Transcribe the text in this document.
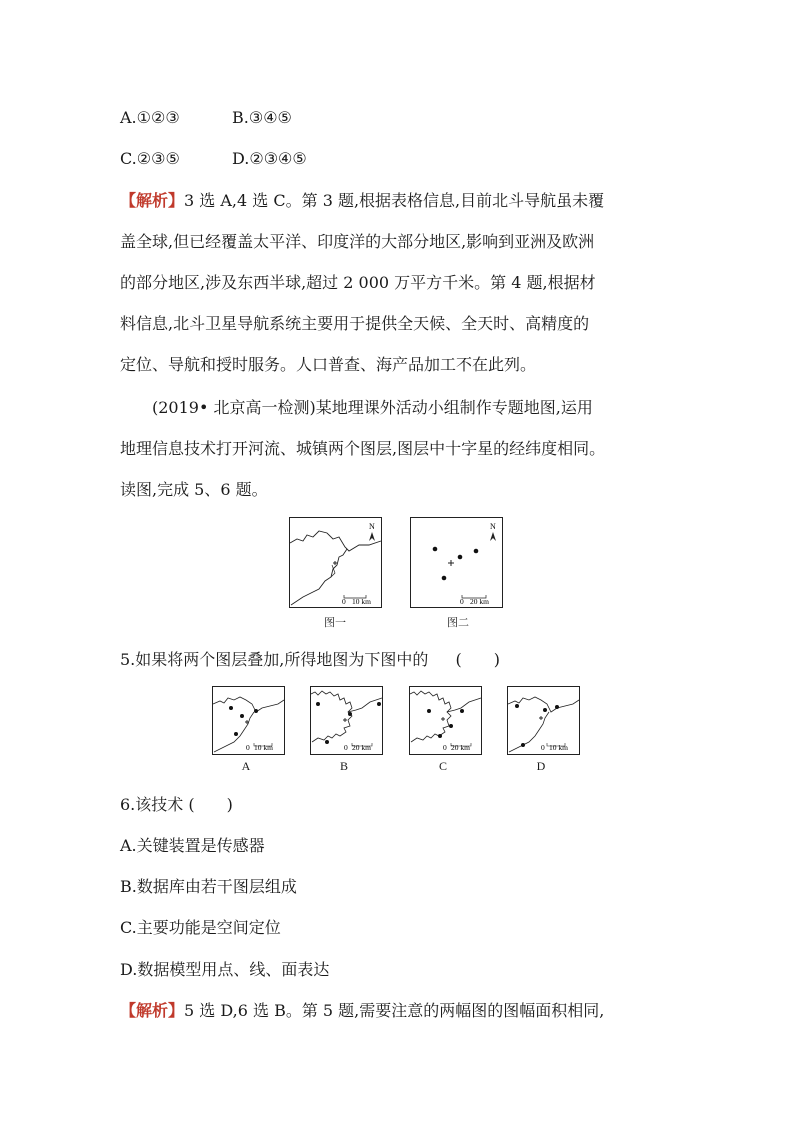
A.①②③	B.③④⑤
C.②③⑤	D.②③④⑤
【解析】3 选 A,4 选 C。第 3 题,根据表格信息,目前北斗导航虽未覆
盖全球,但已经覆盖太平洋、印度洋的大部分地区,影响到亚洲及欧洲
的部分地区,涉及东西半球,超过 2 000 万平方千米。第 4 题,根据材
料信息,北斗卫星导航系统主要用于提供全天候、全天时、高精度的
定位、导航和授时服务。人口普查、海产品加工不在此列。
(2019• 北京高一检测)某地理课外活动小组制作专题地图,运用
地理信息技术打开河流、城镇两个图层,图层中十字星的经纬度相同。
读图,完成 5、6 题。
N
0 10 km
图一
N
0 20 km
图二
5.如果将两个图层叠加,所得地图为下图中的 (　　)
0 10 km
A
0 20 km
B
0 20 km
C
0 10 km
D
6.该技术 (　　)
A.关键装置是传感器
B.数据库由若干图层组成
C.主要功能是空间定位
D.数据模型用点、线、面表达
【解析】5 选 D,6 选 B。第 5 题,需要注意的两幅图的图幅面积相同,
